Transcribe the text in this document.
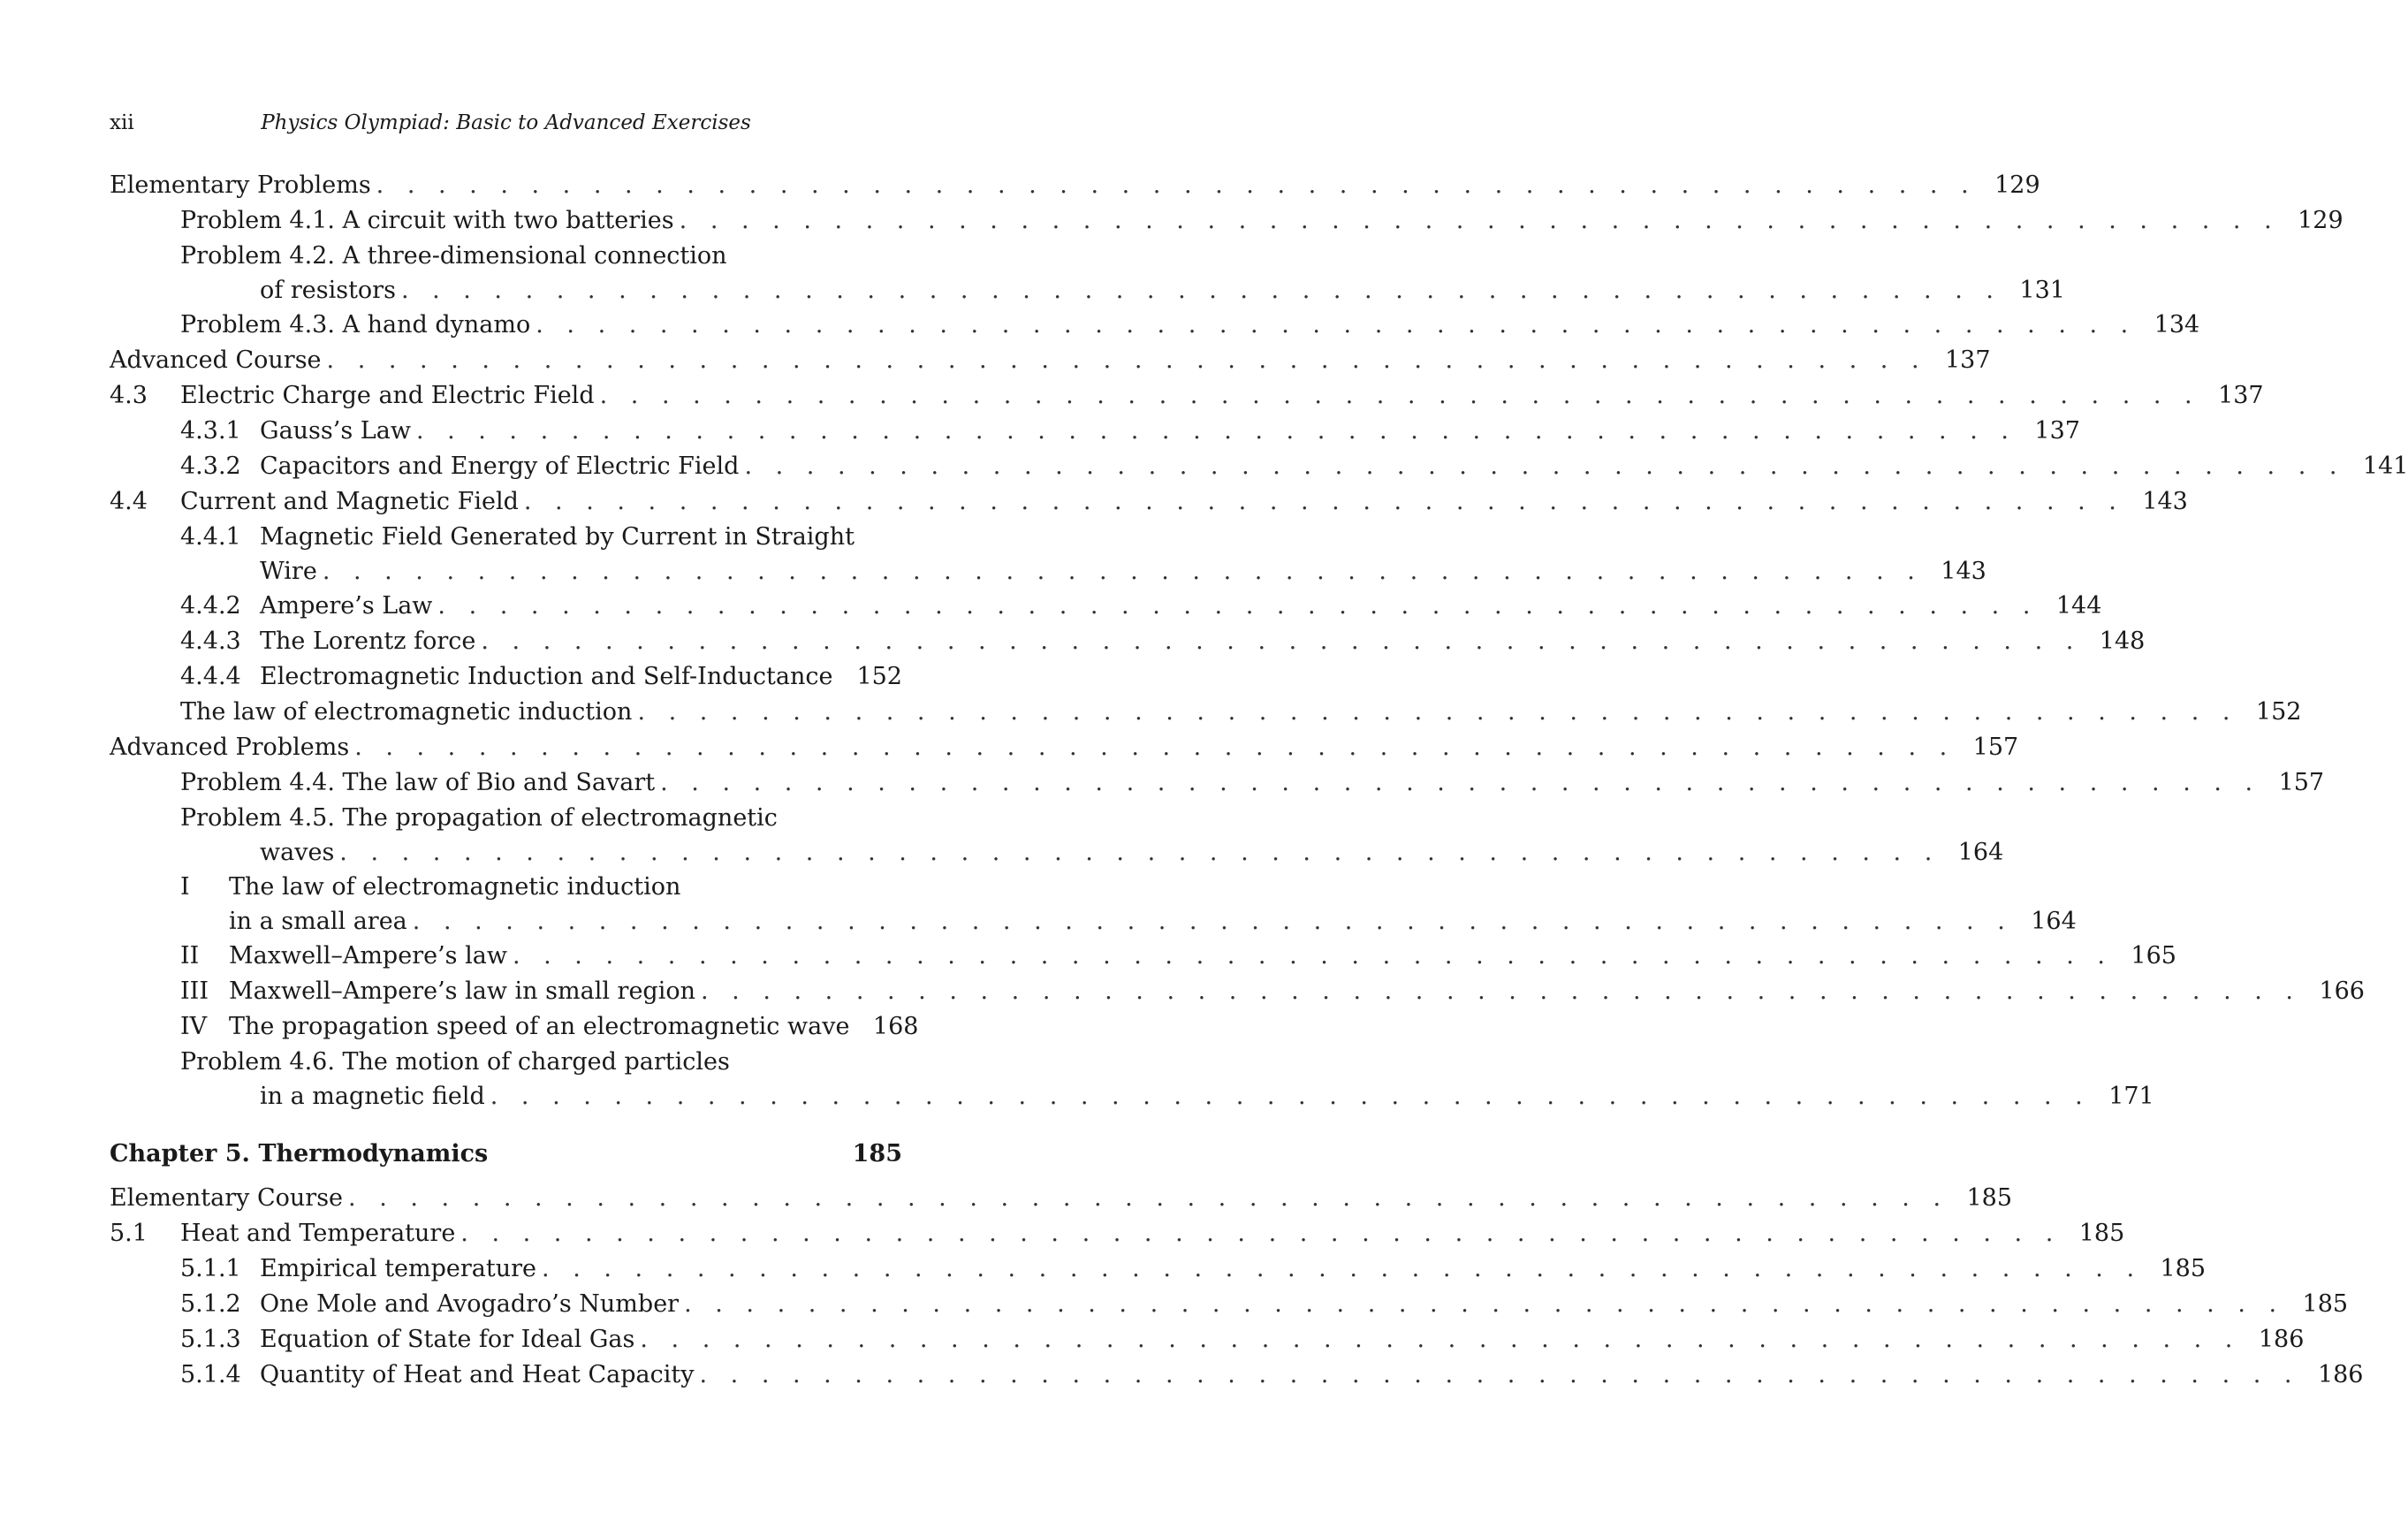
xii	Physics Olympiad: Basic to Advanced Exercises
Elementary Problems . . . . . . . . . . . . . . . . . . . . . . . . . . . . . . . . . . . . . . . . . . . . . . . . . . . . 129
Problem 4.1. A circuit with two batteries . . . . . . . . . . . . . . . . . . . . . . . . . . . . . . . . . . . . . . . . . . . . . . . . . . . . 129
Problem 4.2. A three-dimensional connection
of resistors . . . . . . . . . . . . . . . . . . . . . . . . . . . . . . . . . . . . . . . . . . . . . . . . . . . . 131
Problem 4.3. A hand dynamo . . . . . . . . . . . . . . . . . . . . . . . . . . . . . . . . . . . . . . . . . . . . . . . . . . . . 134
Advanced Course . . . . . . . . . . . . . . . . . . . . . . . . . . . . . . . . . . . . . . . . . . . . . . . . . . . . 137
4.3 Electric Charge and Electric Field . . . . . . . . . . . . . . . . . . . . . . . . . . . . . . . . . . . . . . . . . . . . . . . . . . . . 137
4.3.1 Gauss’s Law . . . . . . . . . . . . . . . . . . . . . . . . . . . . . . . . . . . . . . . . . . . . . . . . . . . . 137
4.3.2 Capacitors and Energy of Electric Field . . . . . . . . . . . . . . . . . . . . . . . . . . . . . . . . . . . . . . . . . . . . . . . . . . . . 141
4.4 Current and Magnetic Field . . . . . . . . . . . . . . . . . . . . . . . . . . . . . . . . . . . . . . . . . . . . . . . . . . . . 143
4.4.1 Magnetic Field Generated by Current in Straight
Wire . . . . . . . . . . . . . . . . . . . . . . . . . . . . . . . . . . . . . . . . . . . . . . . . . . . . 143
4.4.2 Ampere’s Law . . . . . . . . . . . . . . . . . . . . . . . . . . . . . . . . . . . . . . . . . . . . . . . . . . . . 144
4.4.3 The Lorentz force . . . . . . . . . . . . . . . . . . . . . . . . . . . . . . . . . . . . . . . . . . . . . . . . . . . . 148
4.4.4 Electromagnetic Induction and Self-Inductance 152
The law of electromagnetic induction . . . . . . . . . . . . . . . . . . . . . . . . . . . . . . . . . . . . . . . . . . . . . . . . . . . . 152
Advanced Problems . . . . . . . . . . . . . . . . . . . . . . . . . . . . . . . . . . . . . . . . . . . . . . . . . . . . 157
Problem 4.4. The law of Bio and Savart . . . . . . . . . . . . . . . . . . . . . . . . . . . . . . . . . . . . . . . . . . . . . . . . . . . . 157
Problem 4.5. The propagation of electromagnetic
waves . . . . . . . . . . . . . . . . . . . . . . . . . . . . . . . . . . . . . . . . . . . . . . . . . . . . 164
I The law of electromagnetic induction
in a small area . . . . . . . . . . . . . . . . . . . . . . . . . . . . . . . . . . . . . . . . . . . . . . . . . . . . 164
II Maxwell–Ampere’s law . . . . . . . . . . . . . . . . . . . . . . . . . . . . . . . . . . . . . . . . . . . . . . . . . . . . 165
III Maxwell–Ampere’s law in small region . . . . . . . . . . . . . . . . . . . . . . . . . . . . . . . . . . . . . . . . . . . . . . . . . . . . 166
IV The propagation speed of an electromagnetic wave 168
Problem 4.6. The motion of charged particles
in a magnetic field . . . . . . . . . . . . . . . . . . . . . . . . . . . . . . . . . . . . . . . . . . . . . . . . . . . . 171
Chapter 5. Thermodynamics	185
Elementary Course . . . . . . . . . . . . . . . . . . . . . . . . . . . . . . . . . . . . . . . . . . . . . . . . . . . . 185
5.1 Heat and Temperature . . . . . . . . . . . . . . . . . . . . . . . . . . . . . . . . . . . . . . . . . . . . . . . . . . . . 185
5.1.1 Empirical temperature . . . . . . . . . . . . . . . . . . . . . . . . . . . . . . . . . . . . . . . . . . . . . . . . . . . . 185
5.1.2 One Mole and Avogadro’s Number . . . . . . . . . . . . . . . . . . . . . . . . . . . . . . . . . . . . . . . . . . . . . . . . . . . . 185
5.1.3 Equation of State for Ideal Gas . . . . . . . . . . . . . . . . . . . . . . . . . . . . . . . . . . . . . . . . . . . . . . . . . . . . 186
5.1.4 Quantity of Heat and Heat Capacity . . . . . . . . . . . . . . . . . . . . . . . . . . . . . . . . . . . . . . . . . . . . . . . . . . . . 186
